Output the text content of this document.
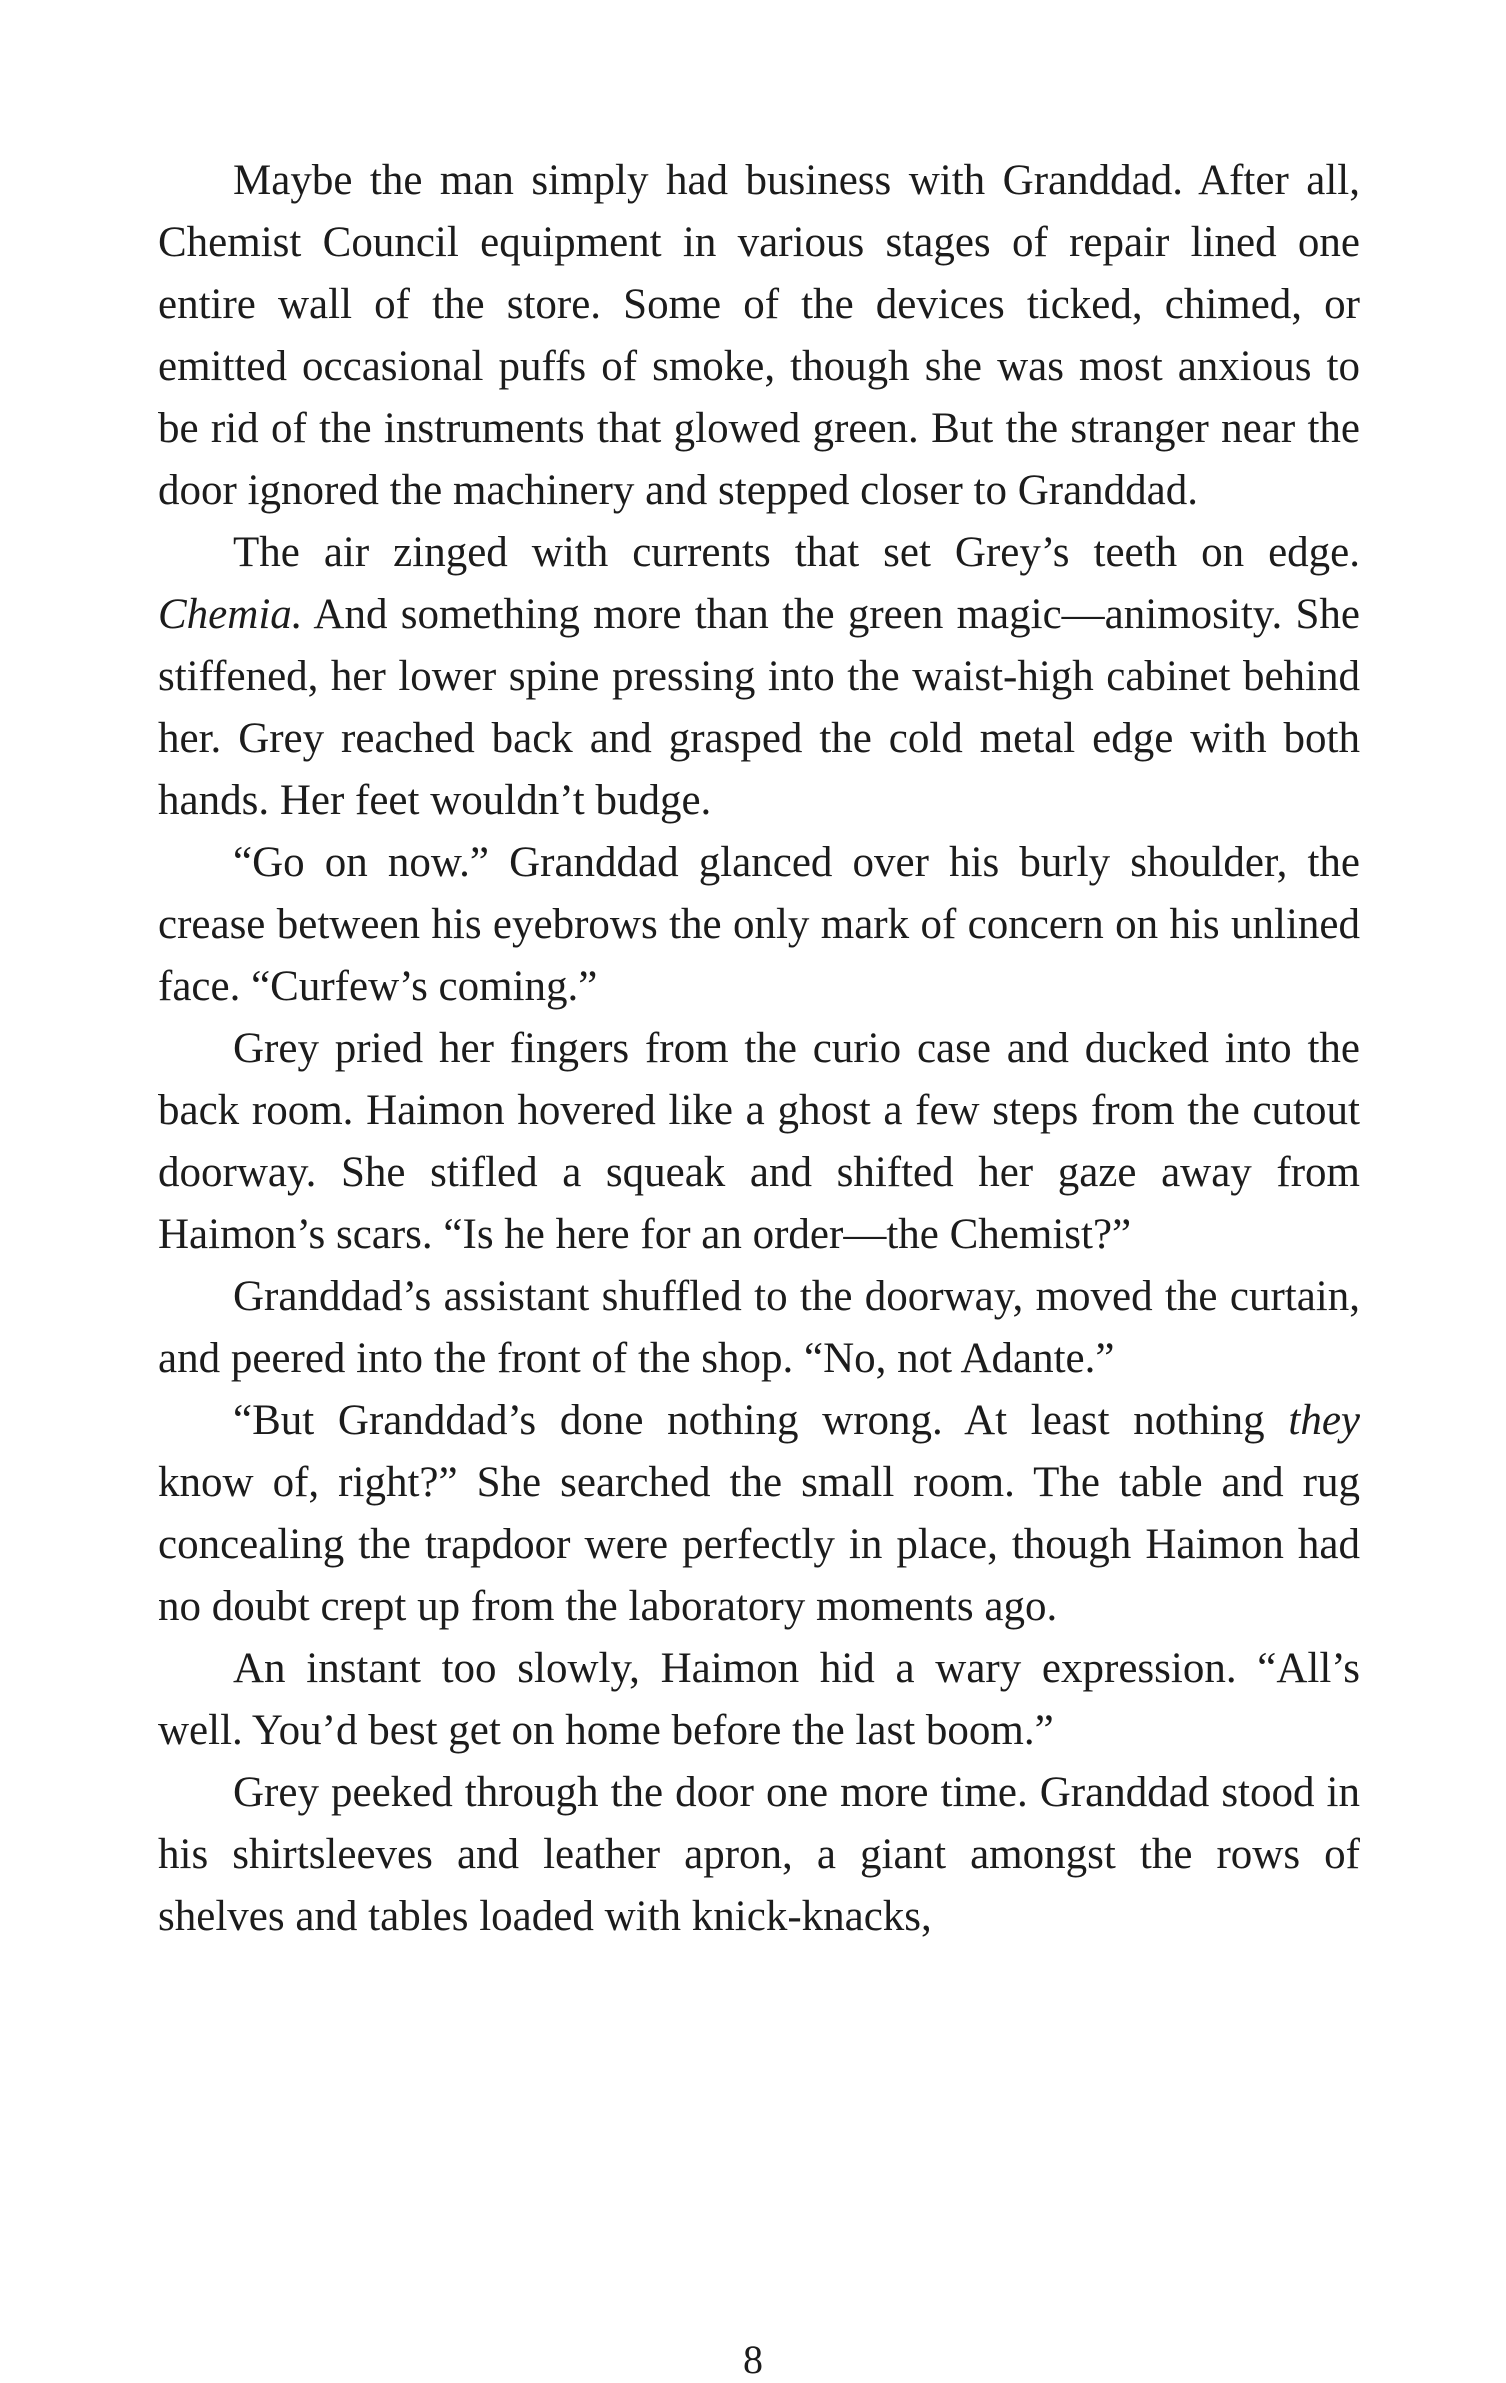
Maybe the man simply had business with Granddad. After all, Chemist Council equipment in various stages of repair lined one entire wall of the store. Some of the devices ticked, chimed, or emitted occasional puffs of smoke, though she was most anxious to be rid of the instruments that glowed green. But the stranger near the door ignored the machinery and stepped closer to Granddad.

The air zinged with currents that set Grey’s teeth on edge. Chemia. And something more than the green magic—animosity. She stiffened, her lower spine pressing into the waist-high cabinet behind her. Grey reached back and grasped the cold metal edge with both hands. Her feet wouldn’t budge.

“Go on now.” Granddad glanced over his burly shoulder, the crease between his eyebrows the only mark of concern on his unlined face. “Curfew’s coming.”

Grey pried her fingers from the curio case and ducked into the back room. Haimon hovered like a ghost a few steps from the cutout doorway. She stifled a squeak and shifted her gaze away from Haimon’s scars. “Is he here for an order—the Chemist?”

Granddad’s assistant shuffled to the doorway, moved the curtain, and peered into the front of the shop. “No, not Adante.”

“But Granddad’s done nothing wrong. At least nothing they know of, right?” She searched the small room. The table and rug concealing the trapdoor were perfectly in place, though Haimon had no doubt crept up from the laboratory moments ago.

An instant too slowly, Haimon hid a wary expression. “All’s well. You’d best get on home before the last boom.”

Grey peeked through the door one more time. Granddad stood in his shirtsleeves and leather apron, a giant amongst the rows of shelves and tables loaded with knick-knacks,

8
